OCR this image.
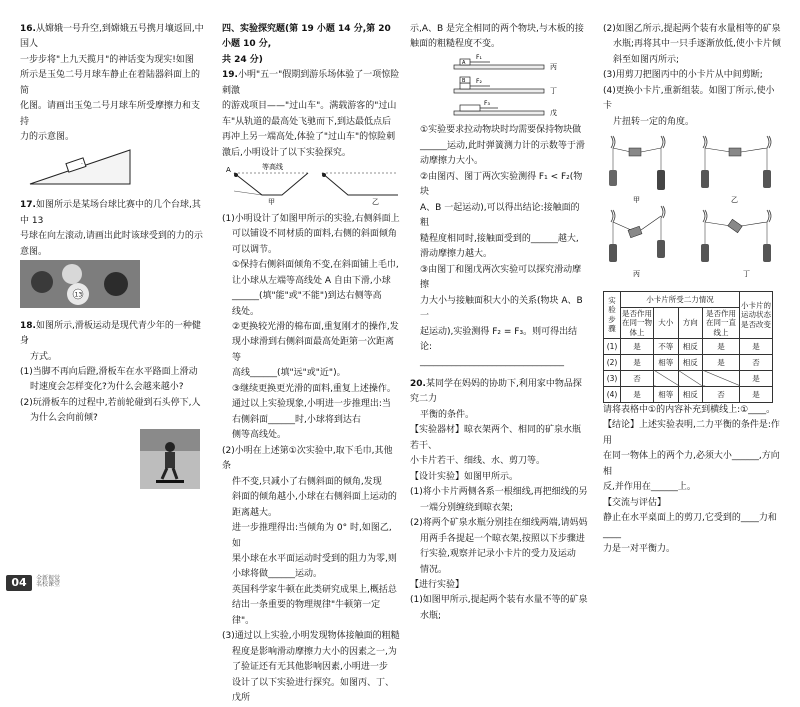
16.从嫦娥一号升空,到嫦娥五号携月壤返回,中国人

一步步将"上九天揽月"的神话变为现实!如图

所示是玉兔二号月球车静止在着陆器斜面上的简

化图。请画出玉兔二号月球车所受摩擦力和支持

力的示意图。

·

17.如图所示是某场台球比赛中的几个台球,其中 13

号球在向左滚动,请画出此时该球受到的力的示

意图。

13

18.如图所示,滑板运动是现代青少年的一种健身

方式。

(1)当脚不再向后蹬,滑板车在水平路面上滑动

时速度会怎样变化?为什么会越来越小?

(2)玩滑板车的过程中,若前轮碰到石头停下,人

为什么会向前倾?

四、实验探究题(第 19 小题 14 分,第 20 小题 10 分,

共 24 分)

19.小明"五一"假期到游乐场体验了一项惊险刺激

的游戏项目——"过山车"。满载游客的"过山

车"从轨道的最高处飞驰而下,到达最低点后

再冲上另一端高处,体验了"过山车"的惊险刺

激后,小明设计了以下实验探究。

A	等高线
甲	乙

(1)小明设计了如图甲所示的实验,右侧斜面上

可以铺设不同材质的面料,右侧的斜面倾角

可以调节。

①保持右侧斜面倾角不变,在斜面铺上毛巾,

让小球从左端等高线处 A 自由下滑,小球

______(填"能"或"不能")到达右侧等高

线处。

②更换较光滑的棉布面,重复刚才的操作,发

现小球滑到右侧斜面最高处距第一次距离等

高线______(填"远"或"近")。

③继续更换更光滑的面料,重复上述操作。

通过以上实验现象,小明进一步推理出:当

右侧斜面______时,小球将到达右

侧等高线处。

(2)小明在上述第①次实验中,取下毛巾,其他条

件不变,只减小了右侧斜面的倾角,发现

斜面的倾角越小,小球在右侧斜面上运动的

距离越大。

进一步推理得出:当倾角为 0° 时,如图乙,如

果小球在水平面运动时受到的阻力为零,则

小球将做______运动。

英国科学家牛顿在此类研究成果上,概括总

结出一条重要的物理规律"牛顿第一定律"。

(3)通过以上实验,小明发现物体接触面的粗糙

程度是影响滑动摩擦力大小的因素之一,为

了验证还有无其他影响因素,小明进一步

设计了以下实验进行探究。如图丙、丁、戊所

示,A、B 是完全相同的两个物块,与木板的接

触面的粗糙程度不变。

A
F₁
丙
B F₂
丁
F₃
戊

①实验要求拉动物块时均需要保持物块做

______运动,此时弹簧测力计的示数等于滑

动摩擦力大小。

②由图丙、图丁两次实验测得 F₁ < F₂(物块

A、B 一起运动),可以得出结论:接触面的粗

糙程度相同时,接触面受到的______越大,

滑动摩擦力越大。

③由图丁和图戊两次实验可以探究滑动摩擦

力大小与接触面积大小的关系(物块 A、B 一

起运动),实验测得 F₂ = F₃。则可得出结论:

________________________________

20.某同学在妈妈的协助下,利用家中物品探究二力

平衡的条件。

【实验器材】晾衣架两个、相同的矿泉水瓶若干、

小卡片若干、细线、水、剪刀等。

【设计实验】如图甲所示。

(1)将小卡片两侧各系一根细线,再把细线的另

一端分别缠绕到晾衣架;

(2)将两个矿泉水瓶分别挂在细线两端,请妈妈

用两手各提起一个晾衣架,按照以下步骤进

行实验,观察并记录小卡片的受力及运动

情况。

【进行实验】

(1)如图甲所示,提起两个装有水量不等的矿泉

水瓶;

(2)如图乙所示,提起两个装有水量相等的矿泉

水瓶;再将其中一只手逐渐放低,使小卡片倾

斜至如图丙所示;

(3)用剪刀把图丙中的小卡片从中间剪断;

(4)更换小卡片,重新组装。如图丁所示,使小卡

片扭转一定的角度。

甲	乙
丙	丁
实验步骤	小卡片所受二力情况				小卡片的运动状态是否改变
	是否作用在同一物体上	大小	方向	是否作用在同一直线上	
(1)	是	不等	相反	是	是
(2)	是	相等	相反	是	否
(3)	否				是
(4)	是	相等	相反	否	是

请将表格中①的内容补充到横线上:①____。

【结论】上述实验表明,二力平衡的条件是:作用

在同一物体上的两个力,必须大小______,方向相

反,并作用在______上。

【交流与评估】

静止在水平桌面上的剪刀,它受到的____力和____

力是一对平衡力。

04	全新视觉
名校课堂
